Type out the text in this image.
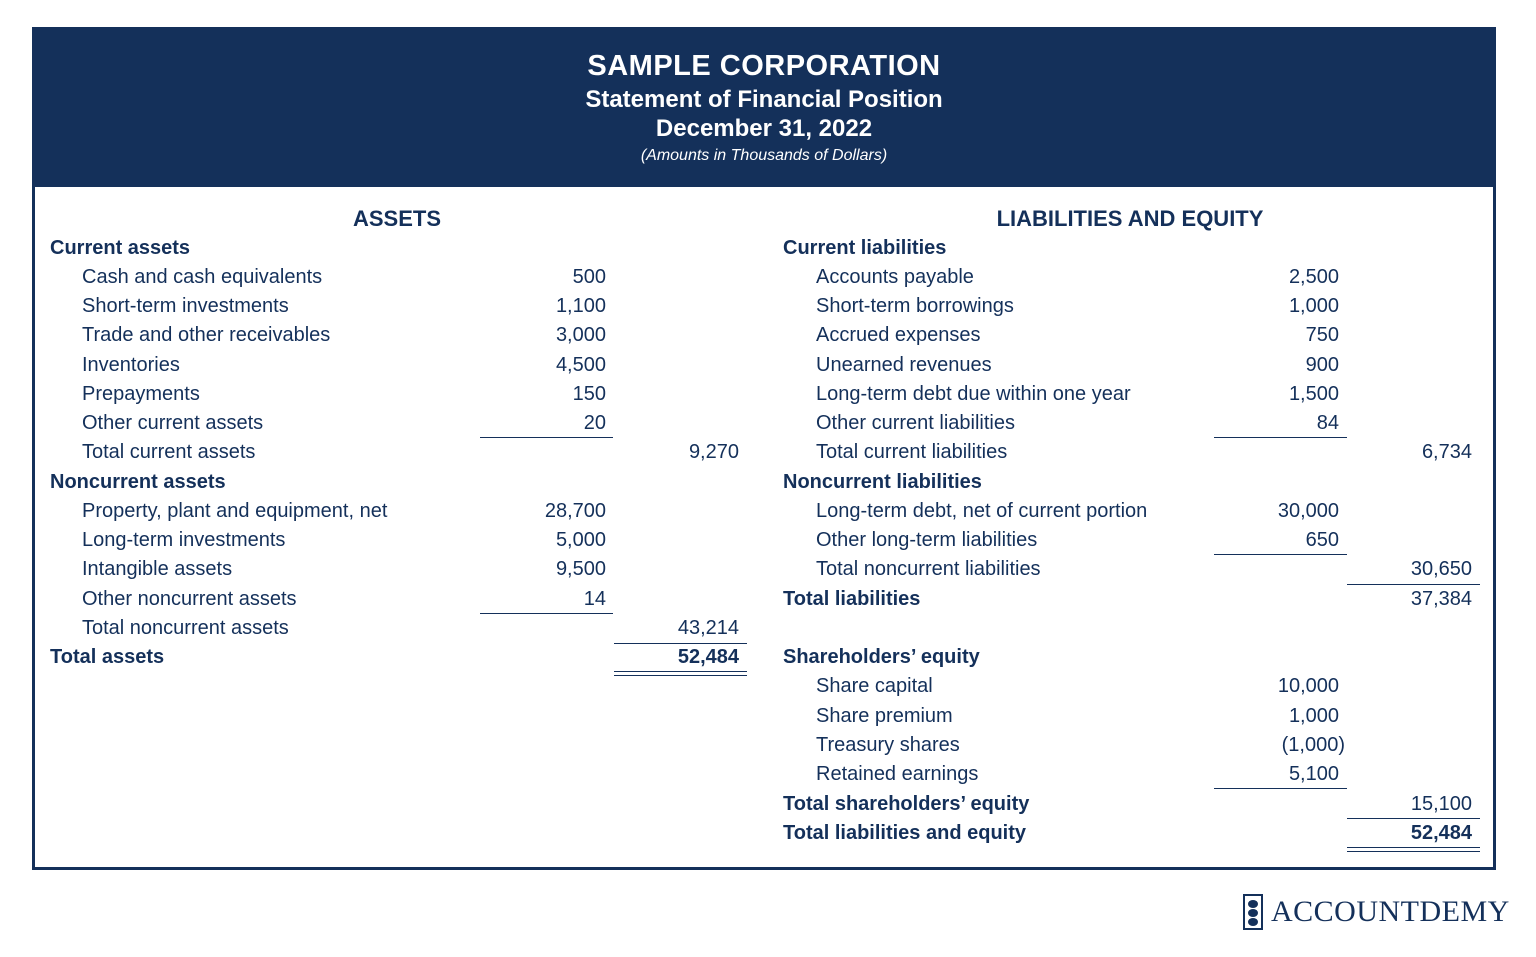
SAMPLE CORPORATION
Statement of Financial Position
December 31, 2022
(Amounts in Thousands of Dollars)
ASSETS	LIABILITIES AND EQUITY
Current assets
Cash and cash equivalents	500
Short-term investments	1,100
Trade and other receivables	3,000
Inventories	4,500
Prepayments	150
Other current assets	20
Total current assets	9,270
Noncurrent assets
Property, plant and equipment, net	28,700
Long-term investments	5,000
Intangible assets	9,500
Other noncurrent assets	14
Total noncurrent assets	43,214
Total assets	52,484
Current liabilities
Accounts payable	2,500
Short-term borrowings	1,000
Accrued expenses	750
Unearned revenues	900
Long-term debt due within one year	1,500
Other current liabilities	84
Total current liabilities	6,734
Noncurrent liabilities
Long-term debt, net of current portion	30,000
Other long-term liabilities	650
Total noncurrent liabilities	30,650
Total liabilities	37,384
Shareholders’ equity
Share capital	10,000
Share premium	1,000
Treasury shares	(1,000)
Retained earnings	5,100
Total shareholders’ equity	15,100
Total liabilities and equity	52,484
ACCOUNTDEMY
